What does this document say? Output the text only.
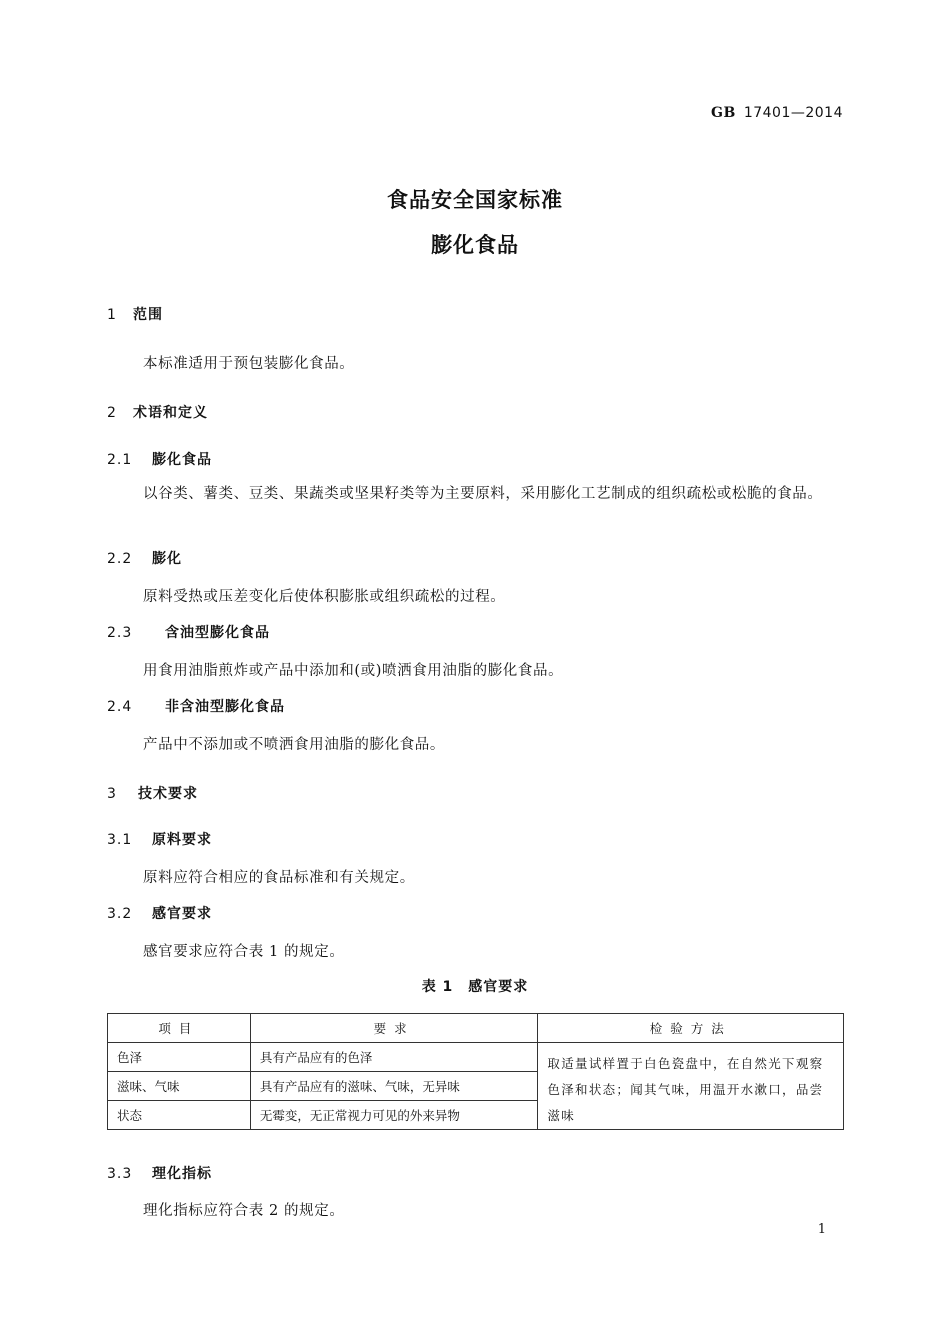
GB 17401—2014
食品安全国家标准
膨化食品
1 范围
本标准适用于预包装膨化食品。
2 术语和定义
2.1 膨化食品
以谷类、薯类、豆类、果蔬类或坚果籽类等为主要原料，采用膨化工艺制成的组织疏松或松脆的食品。
2.2 膨化
原料受热或压差变化后使体积膨胀或组织疏松的过程。
2.3 含油型膨化食品
用食用油脂煎炸或产品中添加和(或)喷洒食用油脂的膨化食品。
2.4 非含油型膨化食品
产品中不添加或不喷洒食用油脂的膨化食品。
3 技术要求
3.1 原料要求
原料应符合相应的食品标准和有关规定。
3.2 感官要求
感官要求应符合表 1 的规定。
表 1　感官要求
项目	要求	检验方法
色泽	具有产品应有的色泽	取适量试样置于白色瓷盘中，在自然光下观察色泽和状态；闻其气味，用温开水漱口，品尝滋味
滋味、气味	具有产品应有的滋味、气味，无异味	
状态	无霉变，无正常视力可见的外来异物	
3.3 理化指标
理化指标应符合表 2 的规定。
1
